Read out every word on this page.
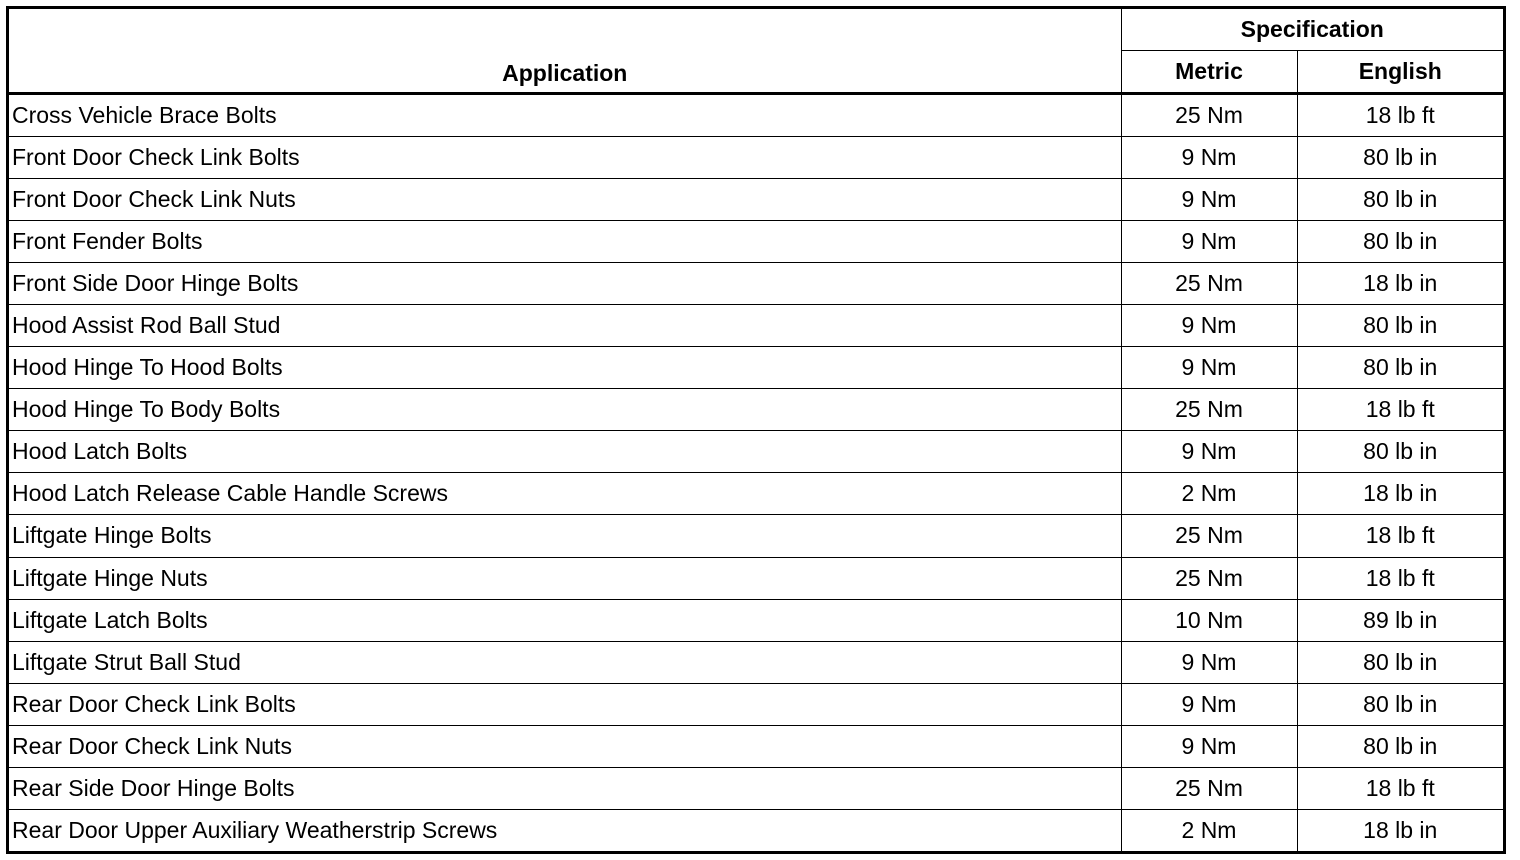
Application	Specification	
	Metric	English
Cross Vehicle Brace Bolts	25 Nm	18 lb ft
Front Door Check Link Bolts	9 Nm	80 lb in
Front Door Check Link Nuts	9 Nm	80 lb in
Front Fender Bolts	9 Nm	80 lb in
Front Side Door Hinge Bolts	25 Nm	18 lb in
Hood Assist Rod Ball Stud	9 Nm	80 lb in
Hood Hinge To Hood Bolts	9 Nm	80 lb in
Hood Hinge To Body Bolts	25 Nm	18 lb ft
Hood Latch Bolts	9 Nm	80 lb in
Hood Latch Release Cable Handle Screws	2 Nm	18 lb in
Liftgate Hinge Bolts	25 Nm	18 lb ft
Liftgate Hinge Nuts	25 Nm	18 lb ft
Liftgate Latch Bolts	10 Nm	89 lb in
Liftgate Strut Ball Stud	9 Nm	80 lb in
Rear Door Check Link Bolts	9 Nm	80 lb in
Rear Door Check Link Nuts	9 Nm	80 lb in
Rear Side Door Hinge Bolts	25 Nm	18 lb ft
Rear Door Upper Auxiliary Weatherstrip Screws	2 Nm	18 lb in
